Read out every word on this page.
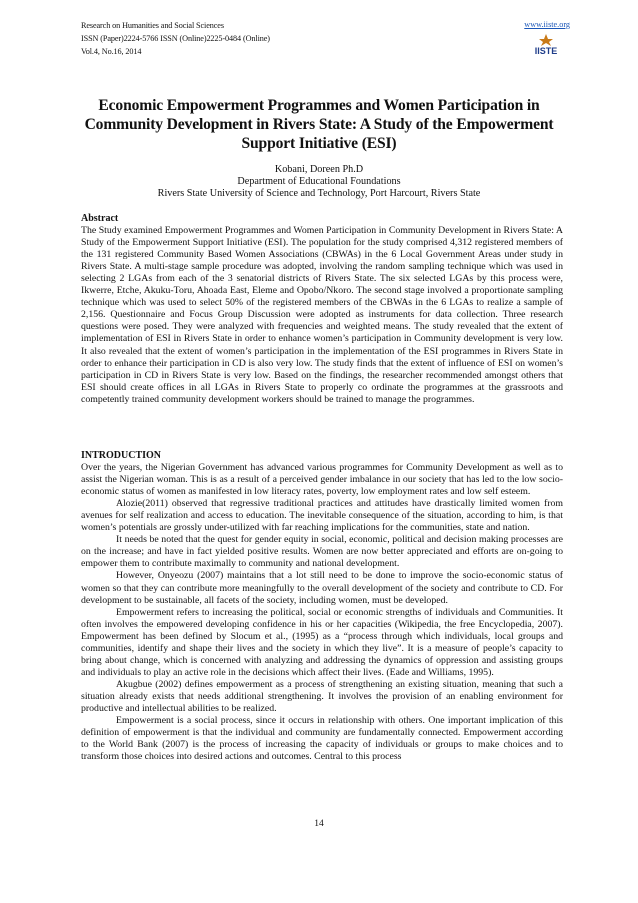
Research on Humanities and Social Sciences
ISSN (Paper)2224-5766 ISSN (Online)2225-0484 (Online)
Vol.4, No.16, 2014
www.iiste.org
IISTE
Economic Empowerment Programmes and Women Participation in Community Development in Rivers State: A Study of the Empowerment Support Initiative (ESI)
Kobani, Doreen Ph.D
Department of Educational Foundations
Rivers State University of Science and Technology, Port Harcourt, Rivers State
Abstract

The Study examined Empowerment Programmes and Women Participation in Community Development in Rivers State: A Study of the Empowerment Support Initiative (ESI). The population for the study comprised 4,312 registered members of the 131 registered Community Based Women Associations (CBWAs) in the 6 Local Government Areas under study in Rivers State. A multi-stage sample procedure was adopted, involving the random sampling technique which was used in selecting 2 LGAs from each of the 3 senatorial districts of Rivers State. The six selected LGAs by this process were, Ikwerre, Etche, Akuku-Toru, Ahoada East, Eleme and Opobo/Nkoro. The second stage involved a proportionate sampling technique which was used to select 50% of the registered members of the CBWAs in the 6 LGAs to realize a sample of 2,156. Questionnaire and Focus Group Discussion were adopted as instruments for data collection. Three research questions were posed. They were analyzed with frequencies and weighted means. The study revealed that the extent of implementation of ESI in Rivers State in order to enhance women’s participation in Community development is very low. It also revealed that the extent of women’s participation in the implementation of the ESI programmes in Rivers State in order to enhance their participation in CD is also very low. The study finds that the extent of influence of ESI on women’s participation in CD in Rivers State is very low. Based on the findings, the researcher recommended amongst others that ESI should create offices in all LGAs in Rivers State to properly co ordinate the programmes at the grassroots and competently trained community development workers should be trained to manage the programmes.

INTRODUCTION

Over the years, the Nigerian Government has advanced various programmes for Community Development as well as to assist the Nigerian woman. This is as a result of a perceived gender imbalance in our society that has led to the low socio-economic status of women as manifested in low literacy rates, poverty, low employment rates and low self esteem.

Alozie(2011) observed that regressive traditional practices and attitudes have drastically limited women from avenues for self realization and access to education. The inevitable consequence of the situation, according to him, is that women’s potentials are grossly under-utilized with far reaching implications for the communities, state and nation.

It needs be noted that the quest for gender equity in social, economic, political and decision making processes are on the increase; and have in fact yielded positive results. Women are now better appreciated and efforts are on-going to empower them to contribute maximally to community and national development.

However, Onyeozu (2007) maintains that a lot still need to be done to improve the socio-economic status of women so that they can contribute more meaningfully to the overall development of the society and contribute to CD. For development to be sustainable, all facets of the society, including women, must be developed.

Empowerment refers to increasing the political, social or economic strengths of individuals and Communities. It often involves the empowered developing confidence in his or her capacities (Wikipedia, the free Encyclopedia, 2007). Empowerment has been defined by Slocum et al., (1995) as a “process through which individuals, local groups and communities, identify and shape their lives and the society in which they live”. It is a measure of people’s capacity to bring about change, which is concerned with analyzing and addressing the dynamics of oppression and assisting groups and individuals to play an active role in the decisions which affect their lives. (Eade and Williams, 1995).

Akugbue (2002) defines empowerment as a process of strengthening an existing situation, meaning that such a situation already exists that needs additional strengthening. It involves the provision of an enabling environment for productive and intellectual abilities to be realized.

Empowerment is a social process, since it occurs in relationship with others. One important implication of this definition of empowerment is that the individual and community are fundamentally connected. Empowerment according to the World Bank (2007) is the process of increasing the capacity of individuals or groups to make choices and to transform those choices into desired actions and outcomes. Central to this process

14
